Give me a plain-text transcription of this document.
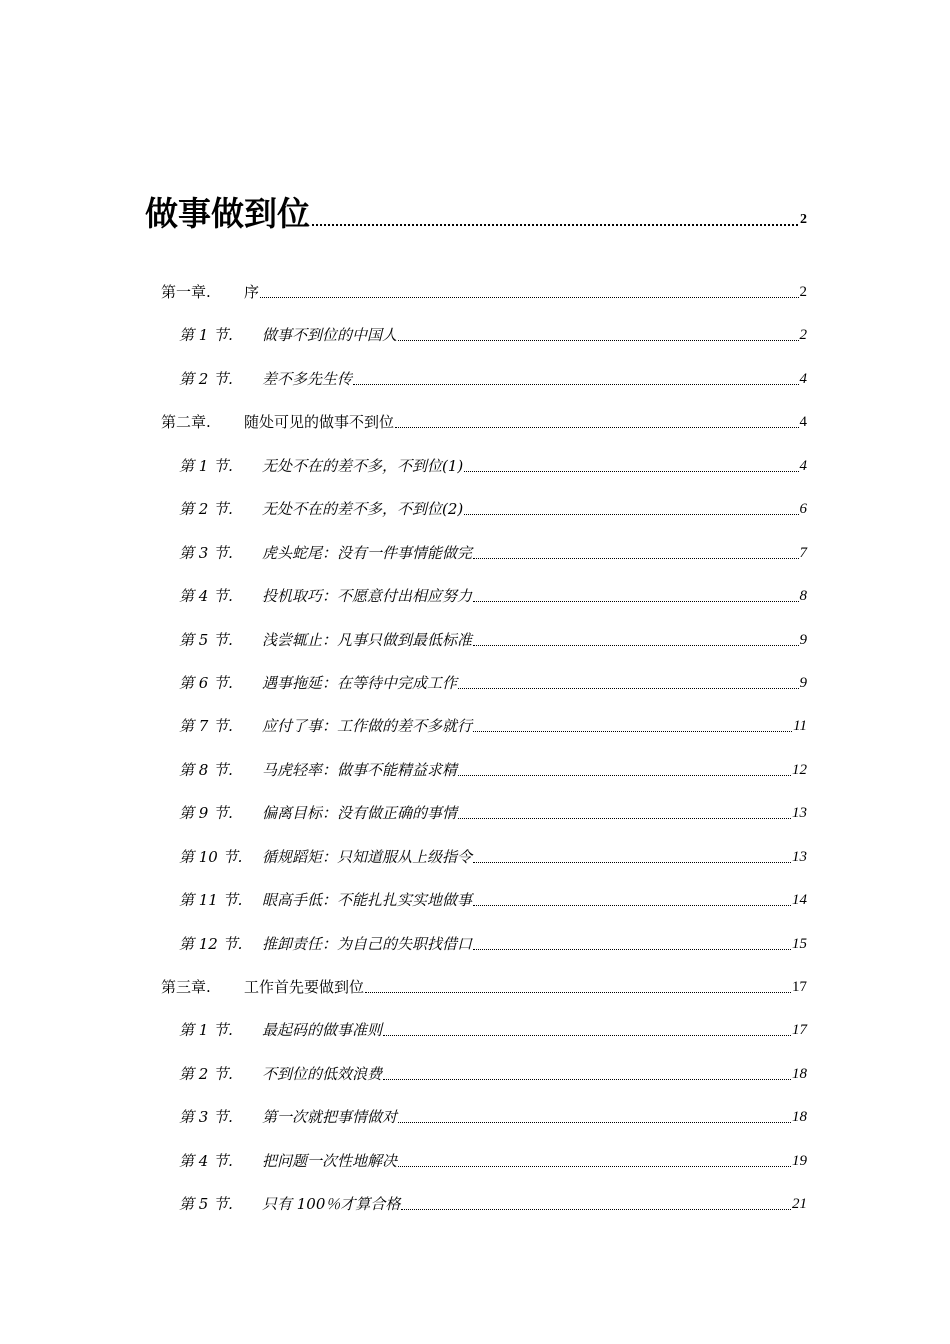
做事做到位	2
第一章.	序	2
第 1 节.	做事不到位的中国人	2
第 2 节.	差不多先生传	4
第二章.	随处可见的做事不到位	4
第 1 节.	无处不在的差不多，不到位(1)	4
第 2 节.	无处不在的差不多，不到位(2)	6
第 3 节.	虎头蛇尾：没有一件事情能做完	7
第 4 节.	投机取巧：不愿意付出相应努力	8
第 5 节.	浅尝辄止：凡事只做到最低标准	9
第 6 节.	遇事拖延：在等待中完成工作	9
第 7 节.	应付了事：工作做的差不多就行	11
第 8 节.	马虎轻率：做事不能精益求精	12
第 9 节.	偏离目标：没有做正确的事情	13
第 10 节.	循规蹈矩：只知道服从上级指令	13
第 11 节.	眼高手低：不能扎扎实实地做事	14
第 12 节.	推卸责任：为自己的失职找借口	15
第三章.	工作首先要做到位	17
第 1 节.	最起码的做事准则	17
第 2 节.	不到位的低效浪费	18
第 3 节.	第一次就把事情做对	18
第 4 节.	把问题一次性地解决	19
第 5 节.	只有 100％才算合格	21
